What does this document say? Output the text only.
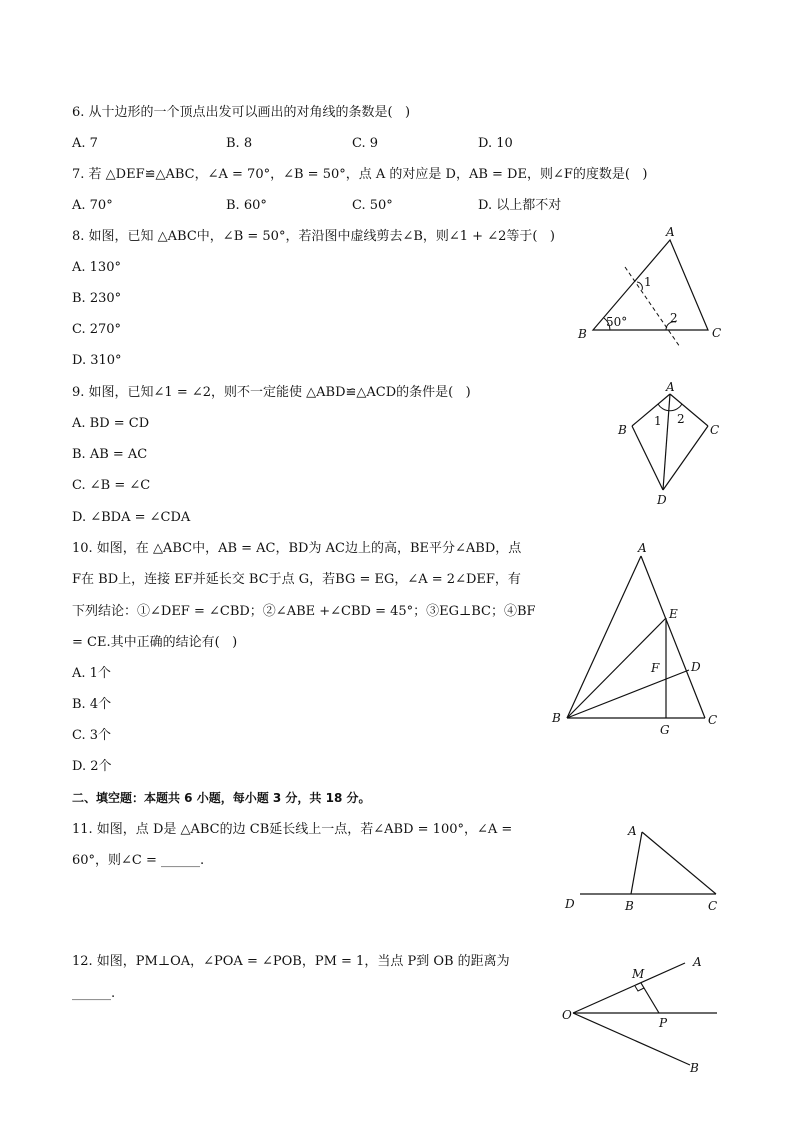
6. 从十边形的一个顶点出发可以画出的对角线的条数是(   )
A. 7	B. 8	C. 9	D. 10
7. 若 △DEF≌△ABC，∠A = 70°，∠B = 50°，点 A 的对应是 D，AB = DE，则∠F的度数是(   )
A. 70°	B. 60°	C. 50°	D. 以上都不对
8. 如图，已知 △ABC中，∠B = 50°，若沿图中虚线剪去∠B，则∠1 + ∠2等于(   )
A. 130°
B. 230°
C. 270°
D. 310°
A
B	C
1
2
50°
9. 如图，已知∠1 = ∠2，则不一定能使 △ABD≌△ACD的条件是(   )
A. BD = CD
B. AB = AC
C. ∠B = ∠C
D. ∠BDA = ∠CDA
A
B	C
D
1 2
10. 如图，在 △ABC中，AB = AC，BD为 AC边上的高，BE平分∠ABD，点
F在 BD上，连接 EF并延长交 BC于点 G，若BG = EG，∠A = 2∠DEF，有
下列结论：①∠DEF = ∠CBD；②∠ABE +∠CBD = 45°；③EG⊥BC；④BF
= CE.其中正确的结论有(   )
A. 1个
B. 4个
C. 3个
D. 2个
A
B	C
D
E
F
G
二、填空题：本题共 6 小题，每小题 3 分，共 18 分。
11. 如图，点 D是 △ABC的边 CB延长线上一点，若∠ABD = 100°，∠A =
60°，则∠C = ______.
A
B	C
D
12. 如图，PM⊥OA，∠POA = ∠POB，PM = 1，当点 P到 OB 的距离为
______.
O
A
B
M
P
